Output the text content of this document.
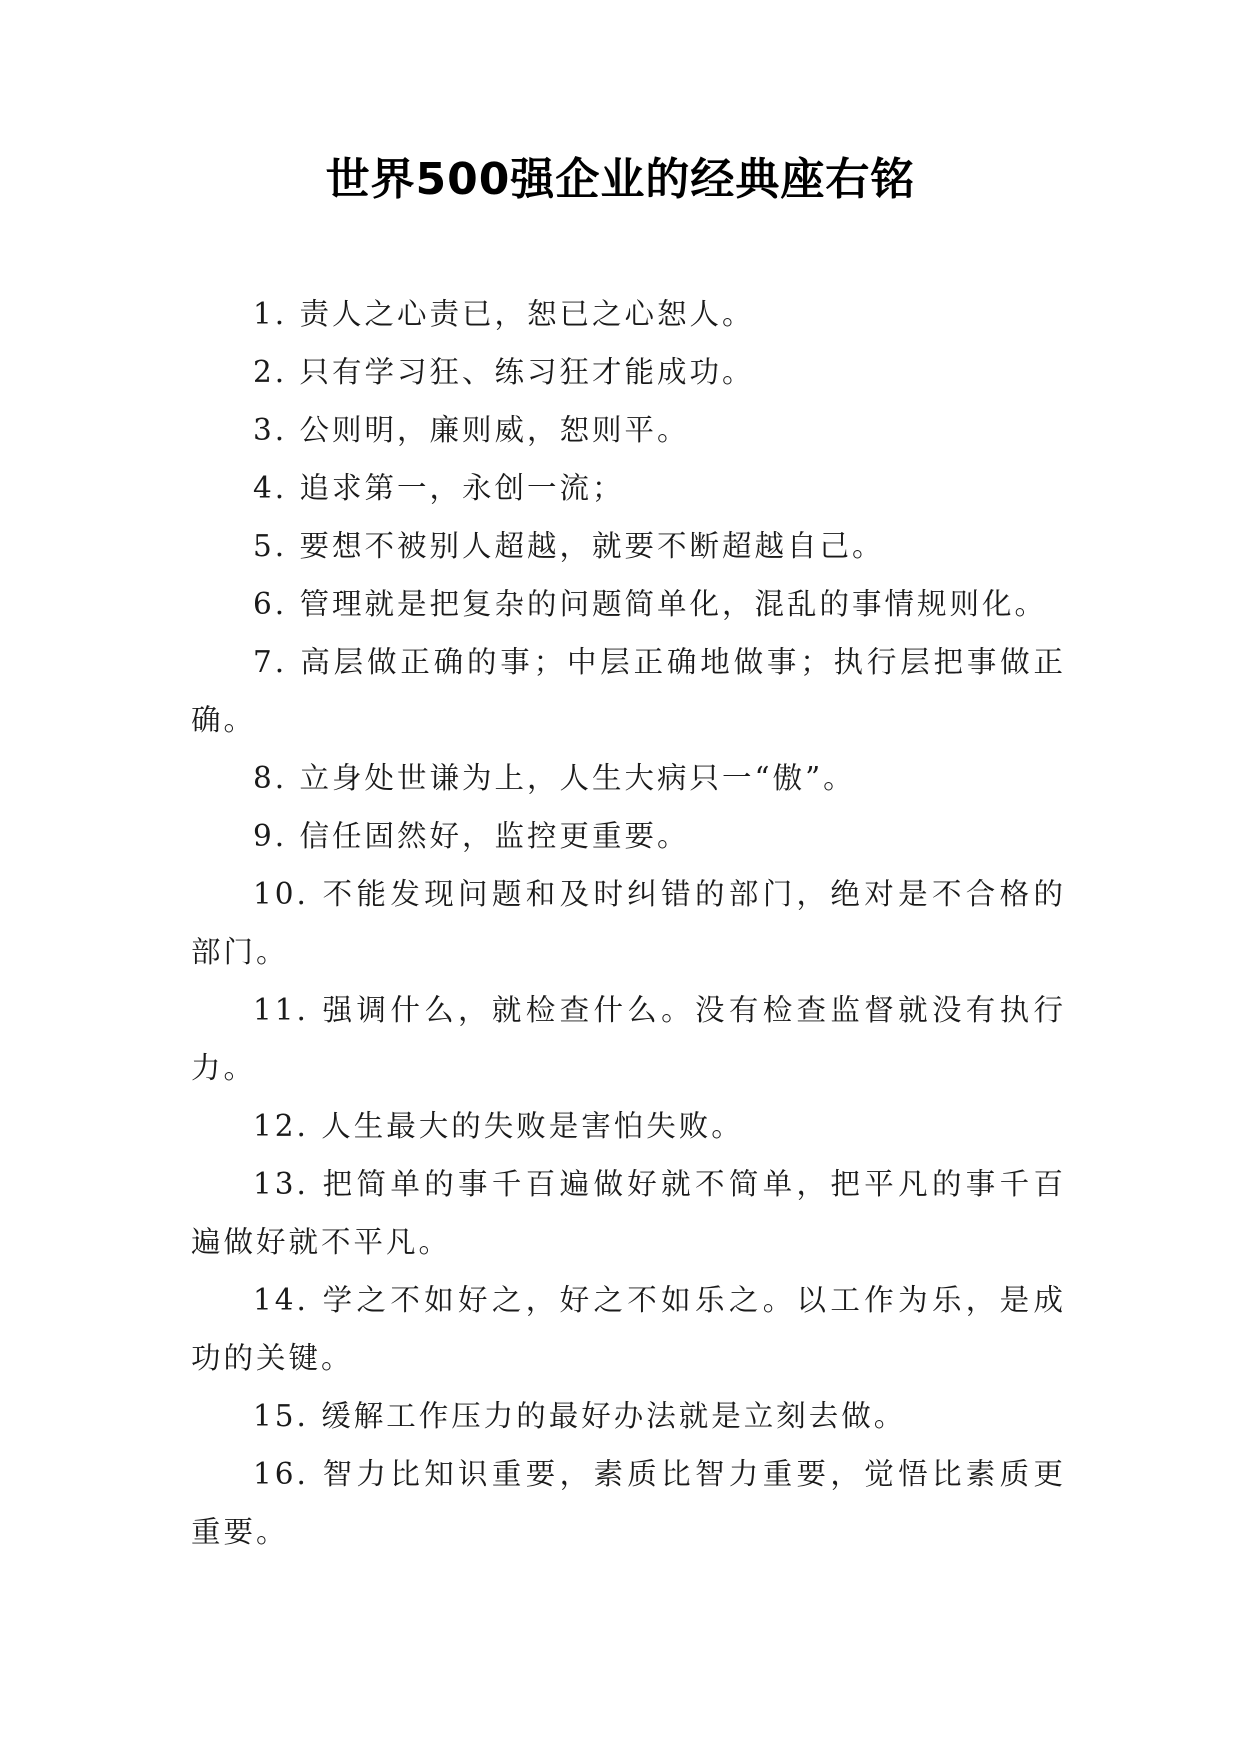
世界500强企业的经典座右铭

1. 责人之心责已，恕已之心恕人。

2. 只有学习狂、练习狂才能成功。

3. 公则明，廉则威，恕则平。

4. 追求第一，永创一流；

5. 要想不被别人超越，就要不断超越自己。

6. 管理就是把复杂的问题简单化，混乱的事情规则化。

7. 高层做正确的事；中层正确地做事；执行层把事做正确。

8. 立身处世谦为上，人生大病只一“傲”。

9. 信任固然好，监控更重要。

10. 不能发现问题和及时纠错的部门，绝对是不合格的部门。

11. 强调什么，就检查什么。没有检查监督就没有执行力。

12. 人生最大的失败是害怕失败。

13. 把简单的事千百遍做好就不简单，把平凡的事千百遍做好就不平凡。

14. 学之不如好之，好之不如乐之。以工作为乐，是成功的关键。

15. 缓解工作压力的最好办法就是立刻去做。

16. 智力比知识重要，素质比智力重要，觉悟比素质更重要。
